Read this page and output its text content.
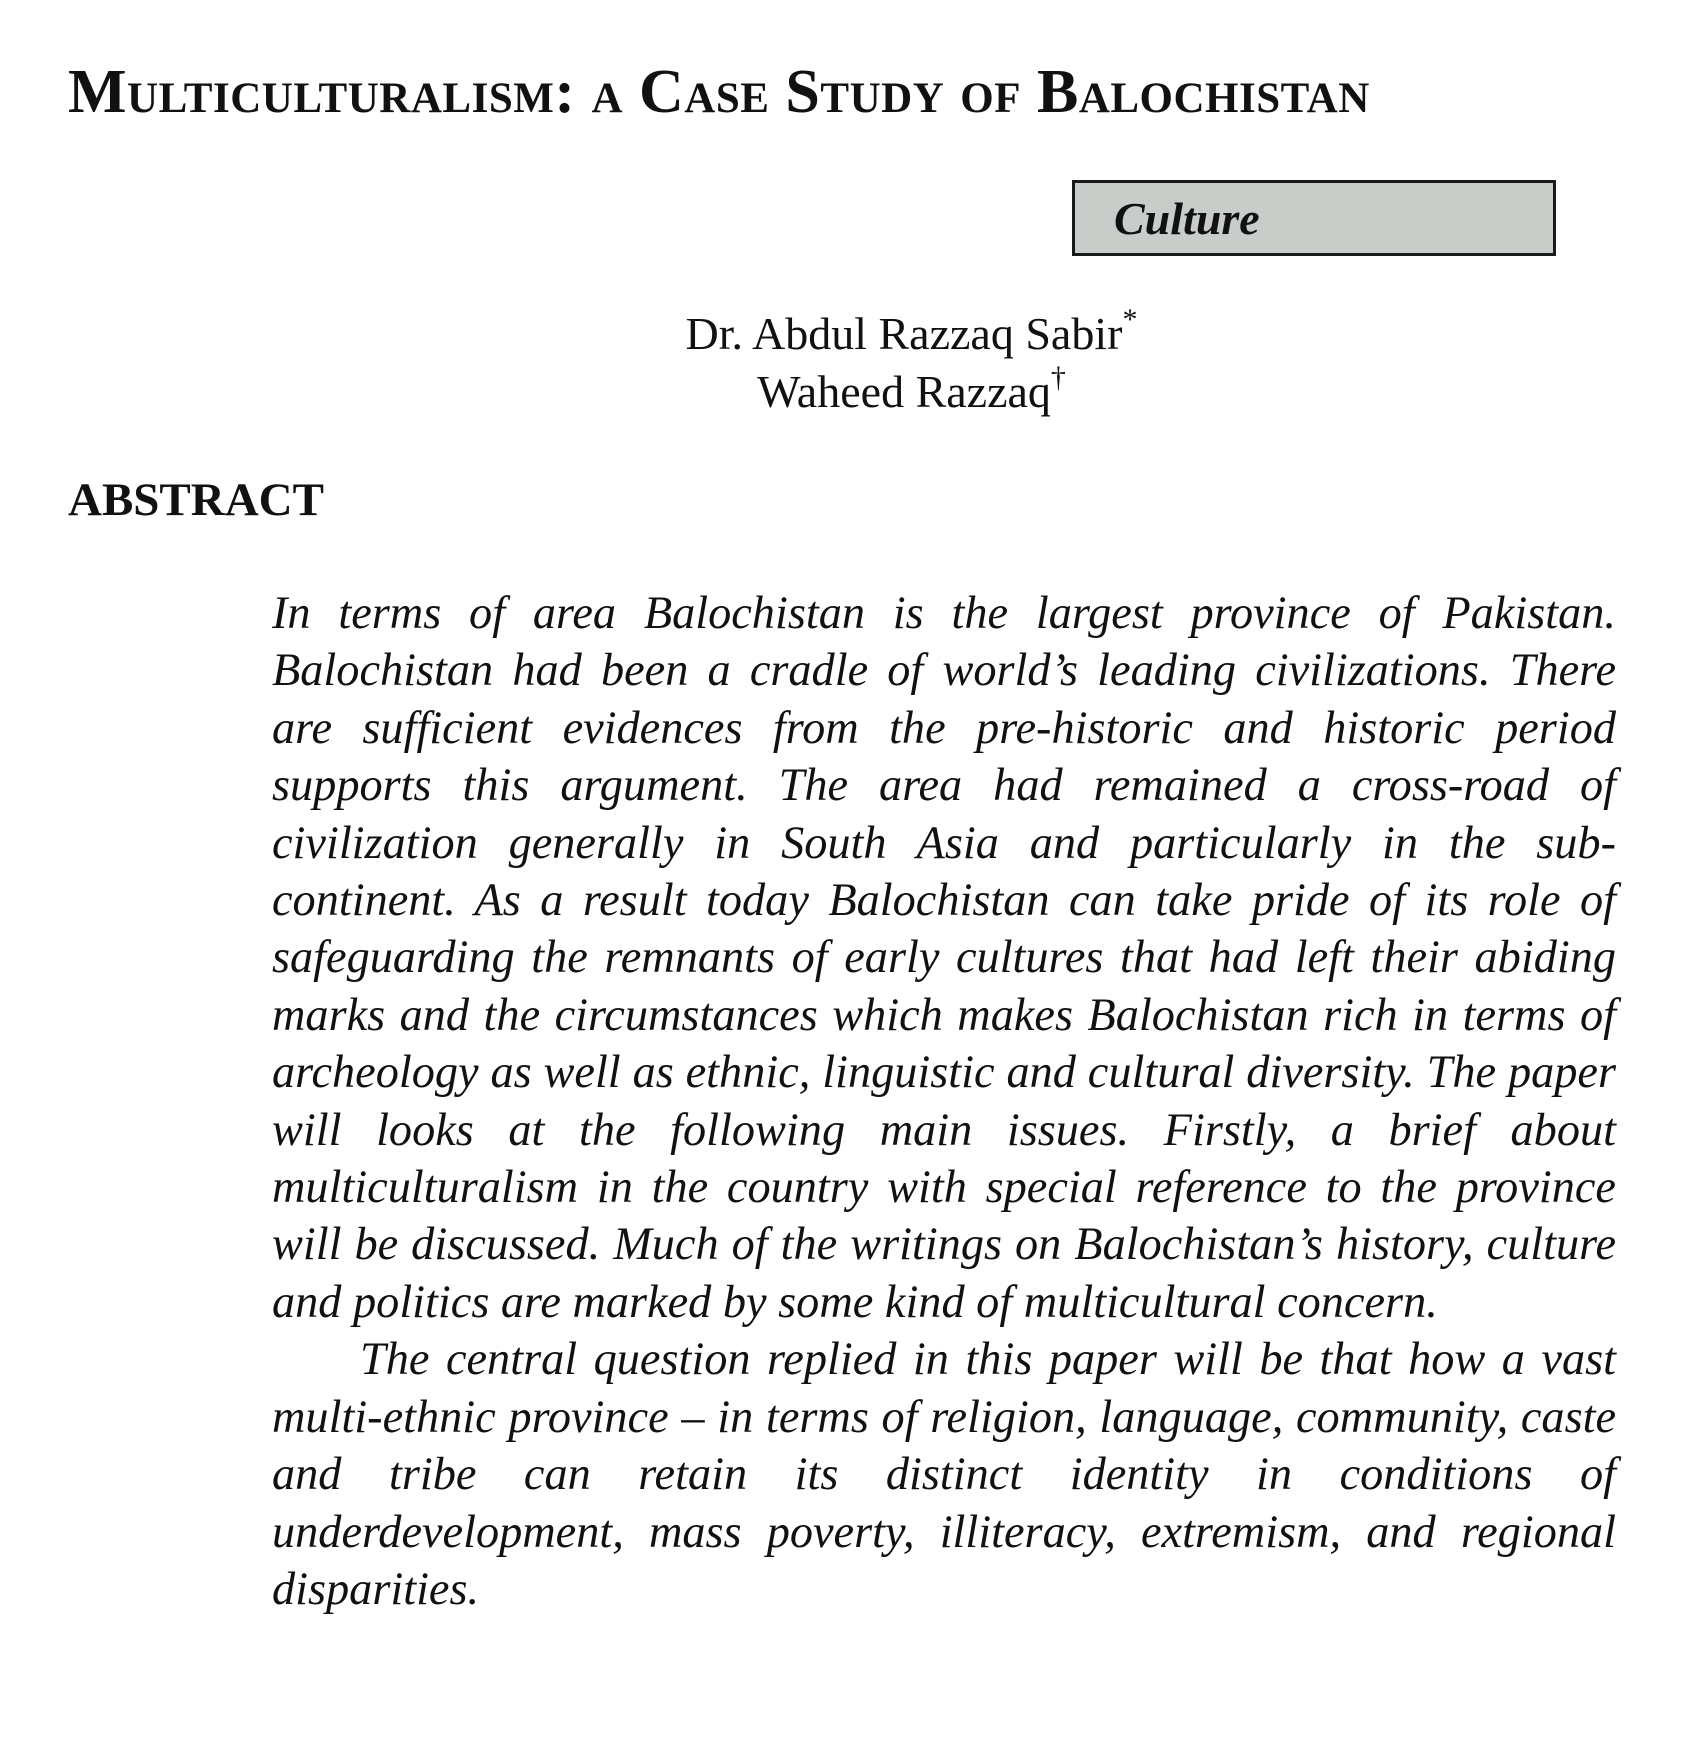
Multiculturalism: a Case Study of Balochistan
Culture
Dr. Abdul Razzaq Sabir*
Waheed Razzaq†
ABSTRACT

In terms of area Balochistan is the largest province of Pakistan. Balochistan had been a cradle of world’s leading civilizations. There are sufficient evidences from the pre-historic and historic period supports this argument. The area had remained a cross-road of civilization generally in South Asia and particularly in the sub-continent. As a result today Balochistan can take pride of its role of safeguarding the remnants of early cultures that had left their abiding marks and the circumstances which makes Balochistan rich in terms of archeology as well as ethnic, linguistic and cultural diversity. The paper will looks at the following main issues. Firstly, a brief about multiculturalism in the country with special reference to the province will be discussed. Much of the writings on Balochistan’s history, culture and politics are marked by some kind of multicultural concern.

The central question replied in this paper will be that how a vast multi-ethnic province – in terms of religion, language, community, caste and tribe can retain its distinct identity in conditions of underdevelopment, mass poverty, illiteracy, extremism, and regional disparities.
